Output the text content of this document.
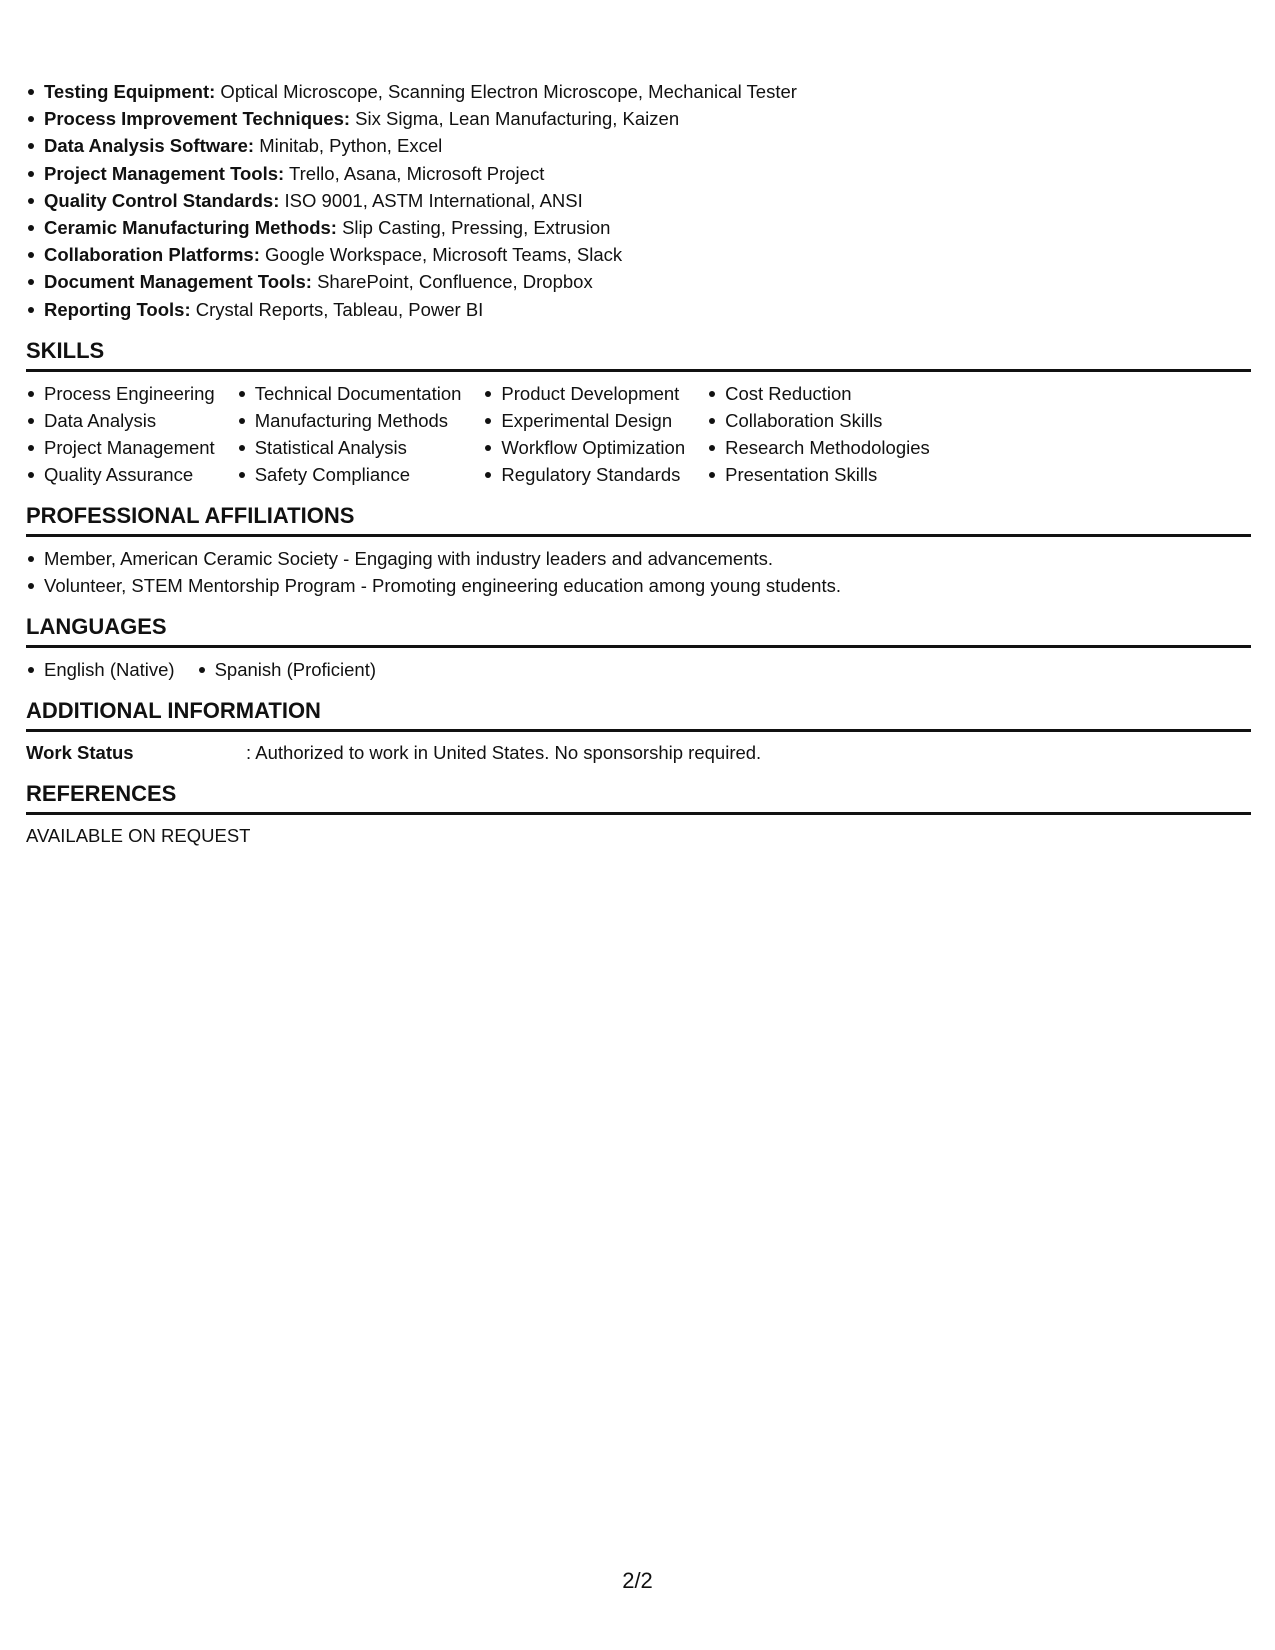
Testing Equipment: Optical Microscope, Scanning Electron Microscope, Mechanical Tester
Process Improvement Techniques: Six Sigma, Lean Manufacturing, Kaizen
Data Analysis Software: Minitab, Python, Excel
Project Management Tools: Trello, Asana, Microsoft Project
Quality Control Standards: ISO 9001, ASTM International, ANSI
Ceramic Manufacturing Methods: Slip Casting, Pressing, Extrusion
Collaboration Platforms: Google Workspace, Microsoft Teams, Slack
Document Management Tools: SharePoint, Confluence, Dropbox
Reporting Tools: Crystal Reports, Tableau, Power BI
SKILLS
Process Engineering
Data Analysis
Project Management
Quality Assurance
Technical Documentation
Manufacturing Methods
Statistical Analysis
Safety Compliance
Product Development
Experimental Design
Workflow Optimization
Regulatory Standards
Cost Reduction
Collaboration Skills
Research Methodologies
Presentation Skills
PROFESSIONAL AFFILIATIONS
Member, American Ceramic Society - Engaging with industry leaders and advancements.
Volunteer, STEM Mentorship Program - Promoting engineering education among young students.
LANGUAGES
English (Native)	Spanish (Proficient)
ADDITIONAL INFORMATION
Work Status	: Authorized to work in United States. No sponsorship required.
REFERENCES
AVAILABLE ON REQUEST
2/2
